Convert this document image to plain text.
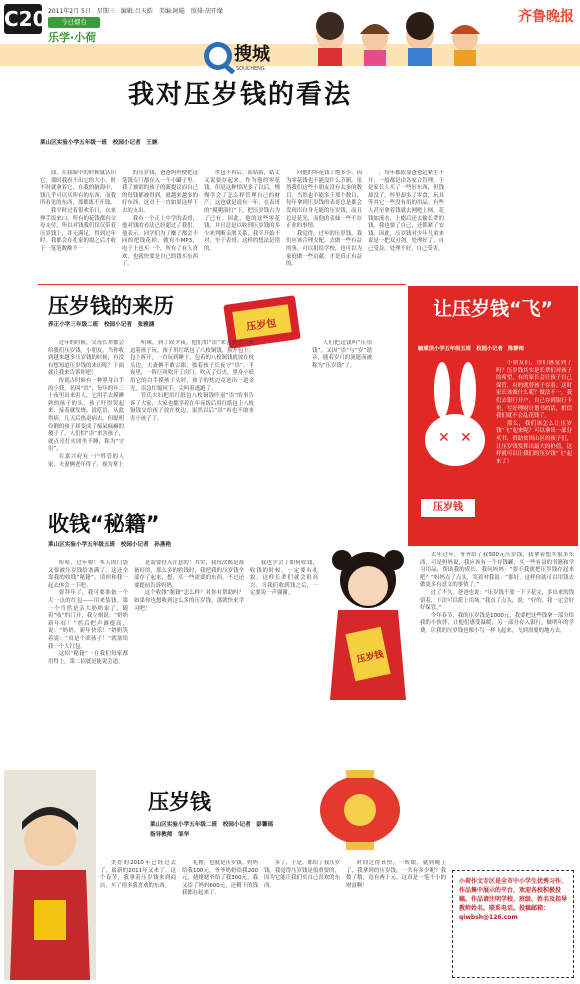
C20 2011年2月 5日　星期三　编辑:吕天皓　美编:阿聪　照排:胡开缘
今日烟台
乐学·小荷
齐鲁晚报
搜城
SOUCHENG
我对压岁钱的看法
莱山区实验小学五年级一班　校园小记者　王婉

钱，在我眼中的时候就认识它，那时我看不出它的大小，时不时就拿着它，在我的脑海中，钱几乎可以买所有的东西，而我所看见的东西，那都离不开钱。

我平时过着很欢乐日，衣来伸手饭来口，所有的花钱都有父母支付，所以对钱我们仅仅带着压岁钱上，并无满足，得到过年时，我都会在孔家的窗之后才收下一笔笔数额不一

的压岁钱，爸爸妈妈便把这笔钱专门都存入一个小罐子里。我了被别的孩子的新提议而自己的每钱都被得到，就越来越多的好东西，这对于一直如果这样下去的支出。

我有一个正上中学的表哥，他对钱的看法已经超过了我们。他表示，同学们为了赚了都会不同的把钱花掉、做有小MP3，电子上也买一个，所有了有人喜欢，也就快要是自己的钱买东西了。

世包不再后，而姑姑，姑丈又说要存起来，作为他的零花钱。但是这种情况多了以后，慢慢学会了怎么样管理自己的财产，这也就是说有一年，在表哥的“摸爬滚打”下，把压岁钱占为了已有。因此，他的这些零花钱，并且总是以收到压岁钱的多少来判断亲朋关系，我半开始不对，至于表哥，这样的想法是错的。

问他的零花钱了饱多少，因为零花钱也不能没什么节制。虽然我们这些小朋友没有太多的数目，当然也不能多于那个数目，每年拿到压岁钱的表哥总是都会发现出自身无能的压岁钱，而且总是花光，而他的表妹一些不存正业的事情。

我觉得，过年的压岁钱，我们应该合理支配，去做一些有益的事，可以捐给学校，也可以为家庭做一些贡献，才是真正有益的。

，每年都依靠爸爸赶紧生不开，一般都是由各家合管理。于是家长人买了一些好东西，但钱却没了，怀里却多了零食，玩具等其它一些没有用的用品。有些人甚至拿着钱就去网吧上网，花钱如流水，上瘾后还去偷长辈的钱，我也要了自己，还抓紧了安钱，因此，压岁钱对少年儿童来说是一把双刃剑，处理好了，自己受益，处理不好，自己受害。

压岁钱的来历
养正小学三年级二班　校园小记者　张雅涵	压岁包

过年的时候，父母长辈都会给我们压岁钱，小朋友，当你收到越来越多压岁钱的时候，有没有想知道压岁钱的来历呢？下面就让我来告诉你吧！

传说古时候有一种黑身白手的小妖，名叫“祟”，每年的年三十夜里出来害人，它用手去摸睡熟的孩子的头，孩子吓得哭起来，接着就发烧、说呓语，从此得病，几天后热退病去，但聪明伶俐的孩子却变成了痴呆疯癫的傻子了。人们怕“祟”来害孩子，就点亮灯火团坐不睡，称为“守祟”。

在嘉兴府有一户姓管的人家，夫妻俩老年得子，视为掌上

明珠。到了除夕夜，他们怕“祟”来害孩子，就逗着孩子玩。孩子用红纸包了八枚铜钱，拆开包上，包上拆开，一直玩到睡下，包着的八枚铜钱就放在枕头边。夫妻俩不敢合眼，挨着孩子长夜守“祟”。半夜里，一阵巨风吹开了房门，吹灭了灯火，黑身小妖用它的白手摸孩子头时，孩子的枕边竟迸出一道金光，祟急忙缩回手，尖叫着逃跑了。

管氏夫妇把用红纸包八枚铜钱吓退“祟”的事告诉了大家，大家也都学着在年夜饭后用红纸包上八枚铜钱交给孩子放在枕边，果然以后“祟”再也不敢来害小孩子了。

人们把这钱叫“压祟钱”，又因“祟”与“岁”谐音，随着岁月的流逝而被称为“压岁钱”了。

让压岁钱“飞”
毓璜顶小学五年级五班　校园小记者　陈静雨
✕ ✕
压岁钱

小朋友们，你们感觉到了吗？压岁钱其实是长辈们对孩子的希望，有的家长会让孩子自己保管，有的就替孩子存着。这时家长该做什么呢？做法不一，我们去银行开户，自己存到银行卡里，写好理财计划书的话，相信我们就不会乱花钱了。

那么，我们该怎么让压岁钱“飞”起来呢？可以拿出一部分买书，资助贫困山区的孩子们，让压岁钱发挥出最大的价值，这样就可以让我们的压岁钱“飞”起来了！

去年过年，爷爷给了我500元压岁钱，我拿着想买很多东西，可是妈妈说，我应该有一个存钱罐，买一些有益的书籍和学习用品，帮助我的成长。我问妈妈：“要不我就把压岁钱存起来吧？”妈妈点了点头，笑着对我说：“那好，这样你就可以用钱去做更多有意义的事情了。”

过了不久，爸爸也说：“压岁钱不要一下子花完，多出来的钱留着，下次可以派上用场。”我点了点头，说：“好的，我一定会好好保管。”

今年春节，我的压岁钱是1000元，我要把这些钱拿一部分给我的小伙伴，让他们感受温暖，另一部分存入银行，做明年的学费。让我的压岁钱也像小鸟一样飞起来，飞到需要的地方去。

收钱“秘籍”
莱山区实验小学五年级五班　校园小记者　孙燕艳

哈哈，过年啦！本人的口袋又要被压岁钱给塞满了，这还全靠我的收钱“秘籍”，请你和我一起去体会一下吧。

要拜年了，我可要准备一个大一点的红包——用来装钱。第一个当然是亲大奶奶家了，随着“吱”的门开，我立刻说：“奶奶新年好！”然后把声调提高，说：“奶奶，新年快乐！”奶奶笑着说：“真是个乖孩子！”就塞给我一个大红包。

这招“秘籍”一在我们每家都用得上，第二招就是能说会道。

是需要投入注意的！其实，我每次都是准备好的，那么多的收钱时，我把我的压岁钱全部存了起来，想，买一些需要的东西，不过还要提前告诉妈妈。

这个收钱“秘籍”怎么样？对你有帮助吗？如果你也想收到这么多的压岁钱，那就快来学习吧！

我也学会了如何收钱，收钱的时候，一定要有礼貌，这样长辈们就会很高兴。当我们收到钱之后，一定要说一声谢谢。

压岁钱
压岁钱
莱山区实验小学五年级二班　校园小记者　彭馨瑶
指导教师　邹华

美好的2010年已经过去了，崭新的2011年又来了。这个春节，我拿着压岁钱来到商店，买了很多我喜欢的东西。

礼物，也就是压岁钱。妈妈给我100元，爷爷奶奶给我200元，姥姥姥爷给了我300元，我又给了妈妈600元，还剩下的钱我都存起来了。

多了，于是，都给了我压岁钱。我觉得压岁钱是很重要的，因为它能让我们买自己喜欢的东西。

时间过得真快，一转眼，就到晚上了，我拿到的压岁钱，一共有多少呢？我数了数，竟有两千元，这真是一笔不小的财富啊！

小荷作文专区是全市中小学生优秀习作、作品集中展示的平台，欢迎各校积极投稿。作品请注明学校、班级、姓名及指导教师姓名、联系电话。投稿邮箱：qiwbsh@126.com
